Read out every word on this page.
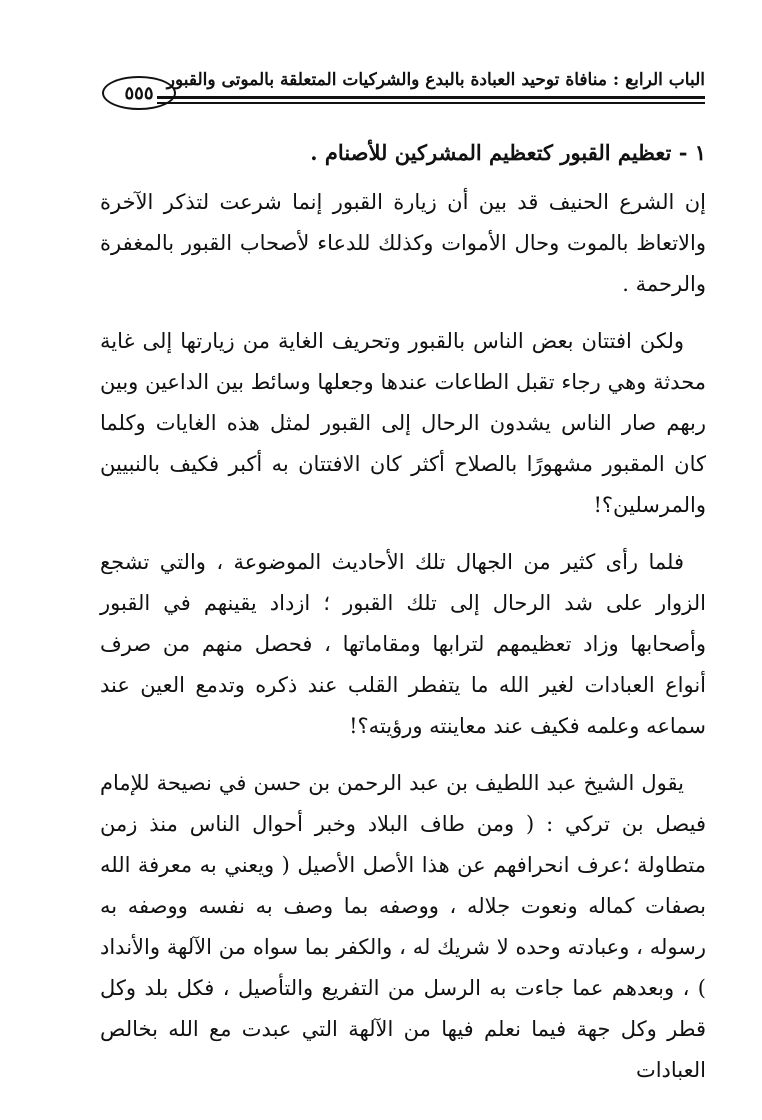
الباب الرابع : منافاة توحيد العبادة بالبدع والشركيات المتعلقة بالموتى والقبور
٥٥٥
١ - تعظيم القبور كتعظيم المشركين للأصنام .

إن الشرع الحنيف قد بين أن زيارة القبور إنما شرعت لتذكر الآخرة والاتعاظ بالموت وحال الأموات وكذلك للدعاء لأصحاب القبور بالمغفرة والرحمة .

ولكن افتتان بعض الناس بالقبور وتحريف الغاية من زيارتها إلى غاية محدثة وهي رجاء تقبل الطاعات عندها وجعلها وسائط بين الداعين وبين ربهم صار الناس يشدون الرحال إلى القبور لمثل هذه الغايات وكلما كان المقبور مشهورًا بالصلاح أكثر كان الافتتان به أكبر فكيف بالنبيين والمرسلين؟!

فلما رأى كثير من الجهال تلك الأحاديث الموضوعة ، والتي تشجع الزوار على شد الرحال إلى تلك القبور ؛ ازداد يقينهم في القبور وأصحابها وزاد تعظيمهم لترابها ومقاماتها ، فحصل منهم من صرف أنواع العبادات لغير الله ما يتفطر القلب عند ذكره وتدمع العين عند سماعه وعلمه فكيف عند معاينته ورؤيته؟!

يقول الشيخ عبد اللطيف بن عبد الرحمن بن حسن في نصيحة للإمام فيصل بن تركي : ( ومن طاف البلاد وخبر أحوال الناس منذ زمن متطاولة ؛عرف انحرافهم عن هذا الأصل الأصيل ( ويعني به معرفة الله بصفات كماله ونعوت جلاله ، ووصفه بما وصف به نفسه ووصفه به رسوله ، وعبادته وحده لا شريك له ، والكفر بما سواه من الآلهة والأنداد ) ، وبعدهم عما جاءت به الرسل من التفريع والتأصيل ، فكل بلد وكل قطر وكل جهة فيما نعلم فيها من الآلهة التي عبدت مع الله بخالص العبادات
